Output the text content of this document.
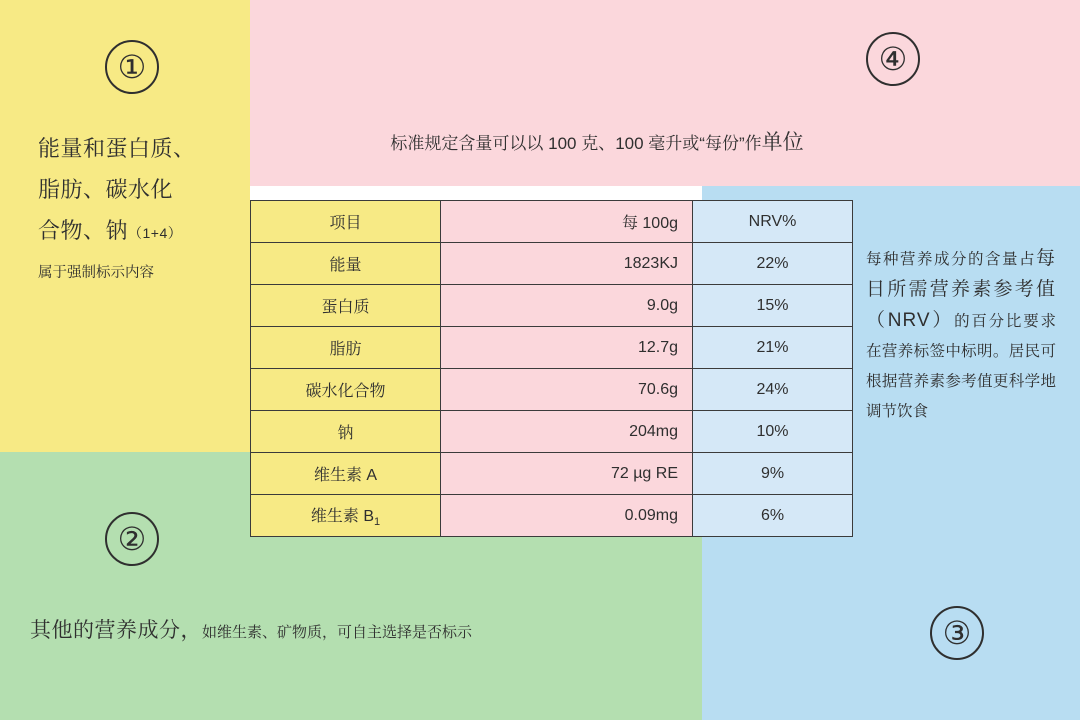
①
②
③
④
能量和蛋白质、
脂肪、碳水化
合物、钠（1+4）
属于强制标示内容
标准规定含量可以以 100 克、100 毫升或“每份”作单位
每种营养成分的含量占每日所需营养素参考值（NRV）的百分比要求在营养标签中标明。居民可根据营养素参考值更科学地调节饮食
其他的营养成分，如维生素、矿物质，可自主选择是否标示
项目	每 100g	NRV%
能量	1823KJ	22%
蛋白质	9.0g	15%
脂肪	12.7g	21%
碳水化合物	70.6g	24%
钠	204mg	10%
维生素 A	72 µg RE	9%
维生素 $B_1$	0.09mg	6%
